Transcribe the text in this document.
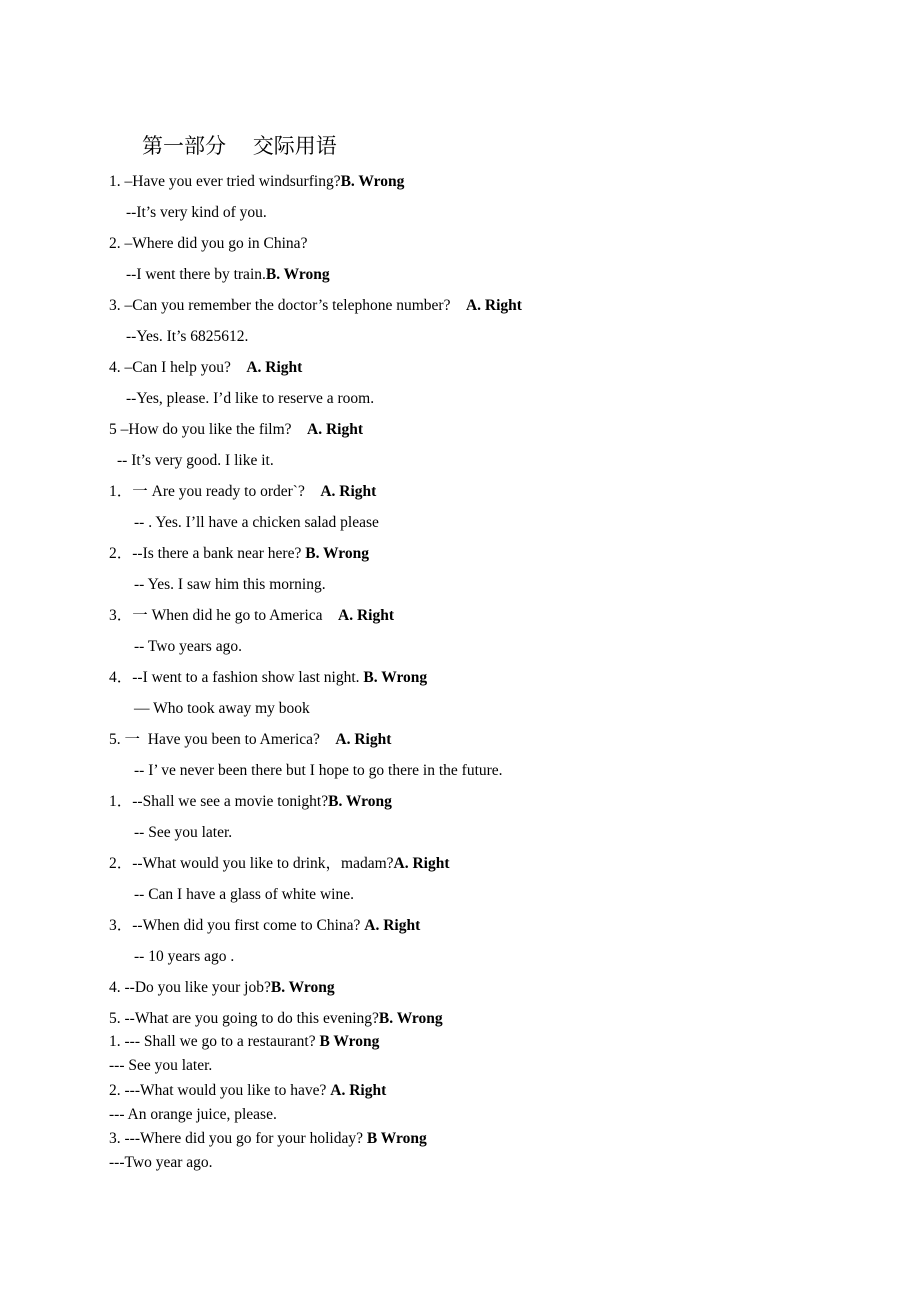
第一部分    交际用语
1. –Have you ever tried windsurfing?B. Wrong
--It’s very kind of you.
2. –Where did you go in China?
--I went there by train.B. Wrong
3. –Can you remember the doctor’s telephone number?    A. Right
--Yes. It’s 6825612.
4. –Can I help you?    A. Right
--Yes, please. I’d like to reserve a room.
5 –How do you like the film?    A. Right
-- It’s very good. I like it.
1．一 Are you ready to order`?    A. Right
-- . Yes. I’ll have a chicken salad please
2．--Is there a bank near here? B. Wrong
-- Yes. I saw him this morning.
3．一 When did he go to America    A. Right
-- Two years ago.
4．--I went to a fashion show last night. B. Wrong
— Who took away my book
5. 一  Have you been to America?    A. Right
-- I’ ve never been there but I hope to go there in the future.
1．--Shall we see a movie tonight?B. Wrong
-- See you later.
2．--What would you like to drink，madam?A. Right
-- Can I have a glass of white wine.
3．--When did you first come to China? A. Right
-- 10 years ago .
4. --Do you like your job?B. Wrong
5. --What are you going to do this evening?B. Wrong
1. --- Shall we go to a restaurant? B Wrong
--- See you later.
2. ---What would you like to have? A. Right
--- An orange juice, please.
3. ---Where did you go for your holiday? B Wrong
---Two year ago.
